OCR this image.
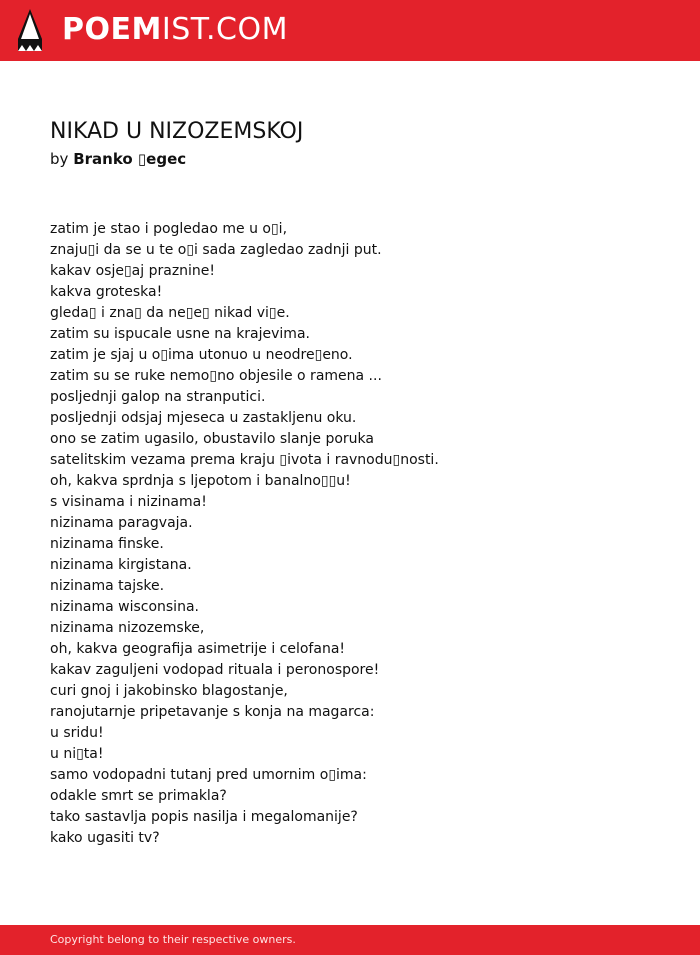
POEMIST.COM
NIKAD U NIZOZEMSKOJ
by Branko ▯egec
zatim je stao i pogledao me u o▯i,
znaju▯i da se u te o▯i sada zagledao zadnji put.
kakav osje▯aj praznine!
kakva groteska!
gleda▯ i zna▯ da ne▯e▯ nikad vi▯e.
zatim su ispucale usne na krajevima.
zatim je sjaj u o▯ima utonuo u neodre▯eno.
zatim su se ruke nemo▯no objesile o ramena ...
posljednji galop na stranputici.
posljednji odsjaj mjeseca u zastakljenu oku.
ono se zatim ugasilo, obustavilo slanje poruka
satelitskim vezama prema kraju ▯ivota i ravnodu▯nosti.
oh, kakva sprdnja s ljepotom i banalno▯▯u!
s visinama i nizinama!
nizinama paragvaja.
nizinama finske.
nizinama kirgistana.
nizinama tajske.
nizinama wisconsina.
nizinama nizozemske,
oh, kakva geografija asimetrije i celofana!
kakav zaguljeni vodopad rituala i peronospore!
curi gnoj i jakobinsko blagostanje,
ranojutarnje pripetavanje s konja na magarca:
u sridu!
u ni▯ta!
samo vodopadni tutanj pred umornim o▯ima:
odakle smrt se primakla?
tako sastavlja popis nasilja i megalomanije?
kako ugasiti tv?
Copyright belong to their respective owners.
